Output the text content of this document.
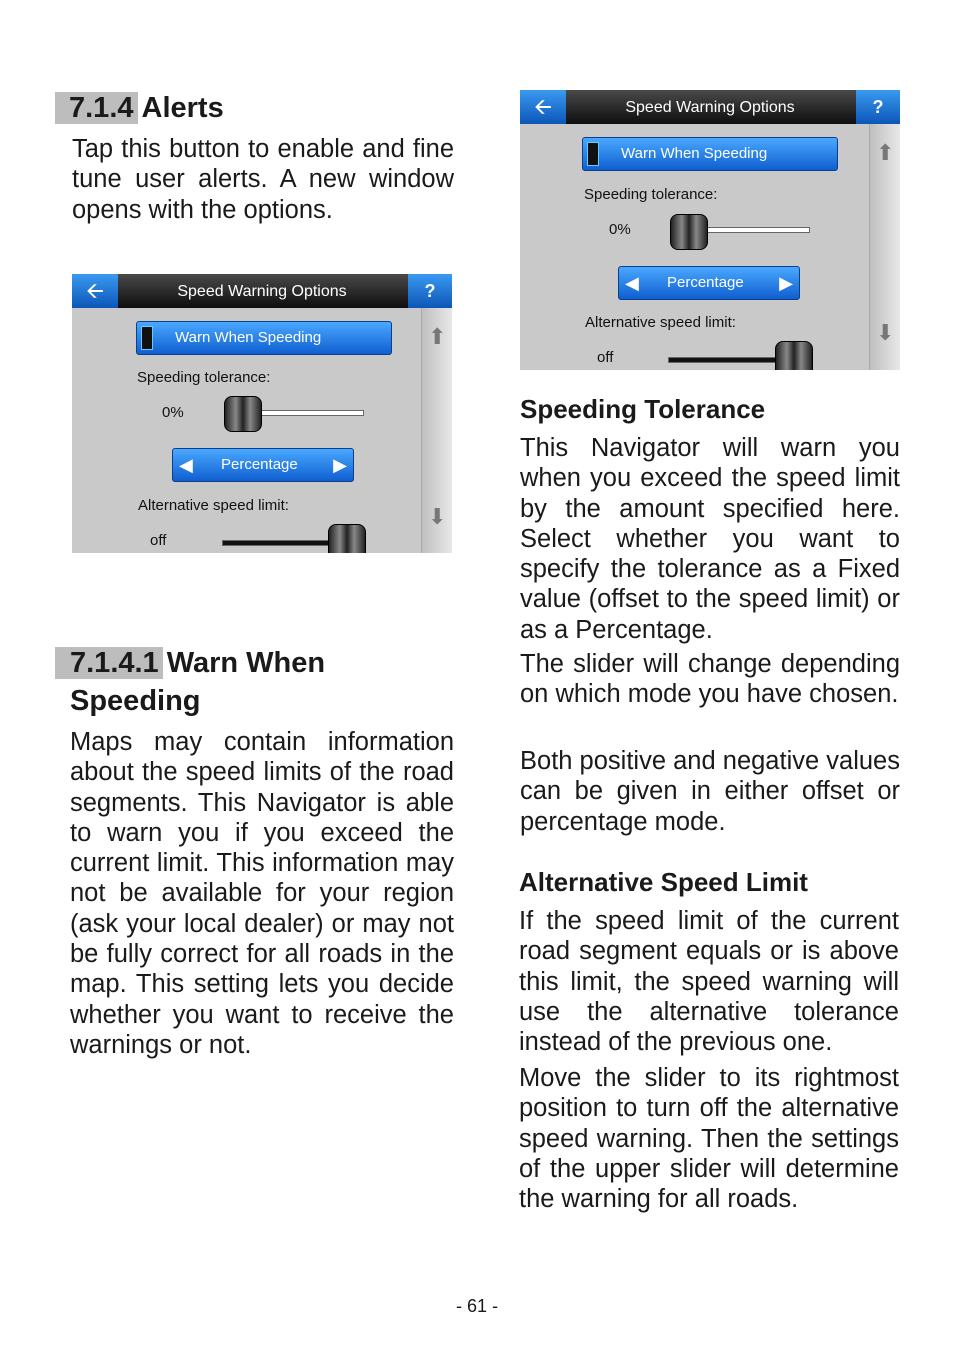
7.1.4 Alerts

Tap this button to enable and fine tune user alerts. A new window opens with the options.

Speed Warning Options
🡨	?
⬆
⬇
Warn When Speeding
Speeding tolerance:
0%
◀ Percentage ▶
Alternative speed limit:
off
7.1.4.1 Warn When
Speeding

Maps may contain information about the speed limits of the road segments. This Navigator is able to warn you if you exceed the current limit. This information may not be available for your region (ask your local dealer) or may not be fully correct for all roads in the map. This setting lets you decide whether you want to receive the warnings or not.

Speed Warning Options
🡨	?
⬆
⬇
Warn When Speeding
Speeding tolerance:
0%
◀ Percentage ▶
Alternative speed limit:
off
Speeding Tolerance

This Navigator will warn you when you exceed the speed limit by the amount specified here. Select whether you want to specify the tolerance as a Fixed value (offset to the speed limit) or as a Percentage.

The slider will change depending on which mode you have chosen.

Both positive and negative values can be given in either offset or percentage mode.

Alternative Speed Limit

If the speed limit of the current road segment equals or is above this limit, the speed warning will use the alternative tolerance instead of the previous one.

Move the slider to its rightmost position to turn off the alternative speed warning. Then the settings of the upper slider will determine the warning for all roads.

- 61 -
